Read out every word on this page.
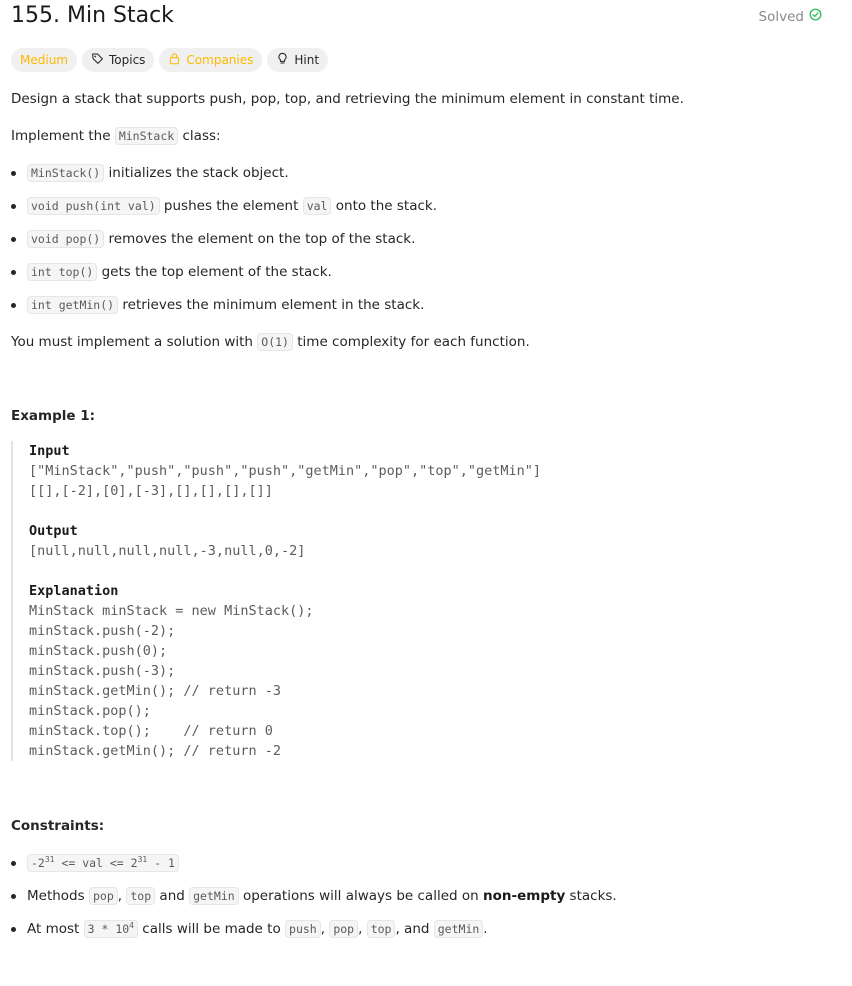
155. Min Stack	Solved
Medium	Topics	Companies	Hint

Design a stack that supports push, pop, top, and retrieving the minimum element in constant time.

Implement the MinStack class:

MinStack() initializes the stack object.
void push(int val) pushes the element val onto the stack.
void pop() removes the element on the top of the stack.
int top() gets the top element of the stack.
int getMin() retrieves the minimum element in the stack.

You must implement a solution with O(1) time complexity for each function.

Example 1:

Input
["MinStack","push","push","push","getMin","pop","top","getMin"]
[[],[-2],[0],[-3],[],[],[],[]]
Output
[null,null,null,null,-3,null,0,-2]
Explanation
MinStack minStack = new MinStack();
minStack.push(-2);
minStack.push(0);
minStack.push(-3);
minStack.getMin(); // return -3
minStack.pop();
minStack.top();    // return 0
minStack.getMin(); // return -2

Constraints:

$-2^{31}$ <= val <= $2^{31} - 1$
Methods pop , top and getMin operations will always be called on non-empty stacks.
At most $3 * 10^4$ calls will be made to push , pop , top , and getMin .
